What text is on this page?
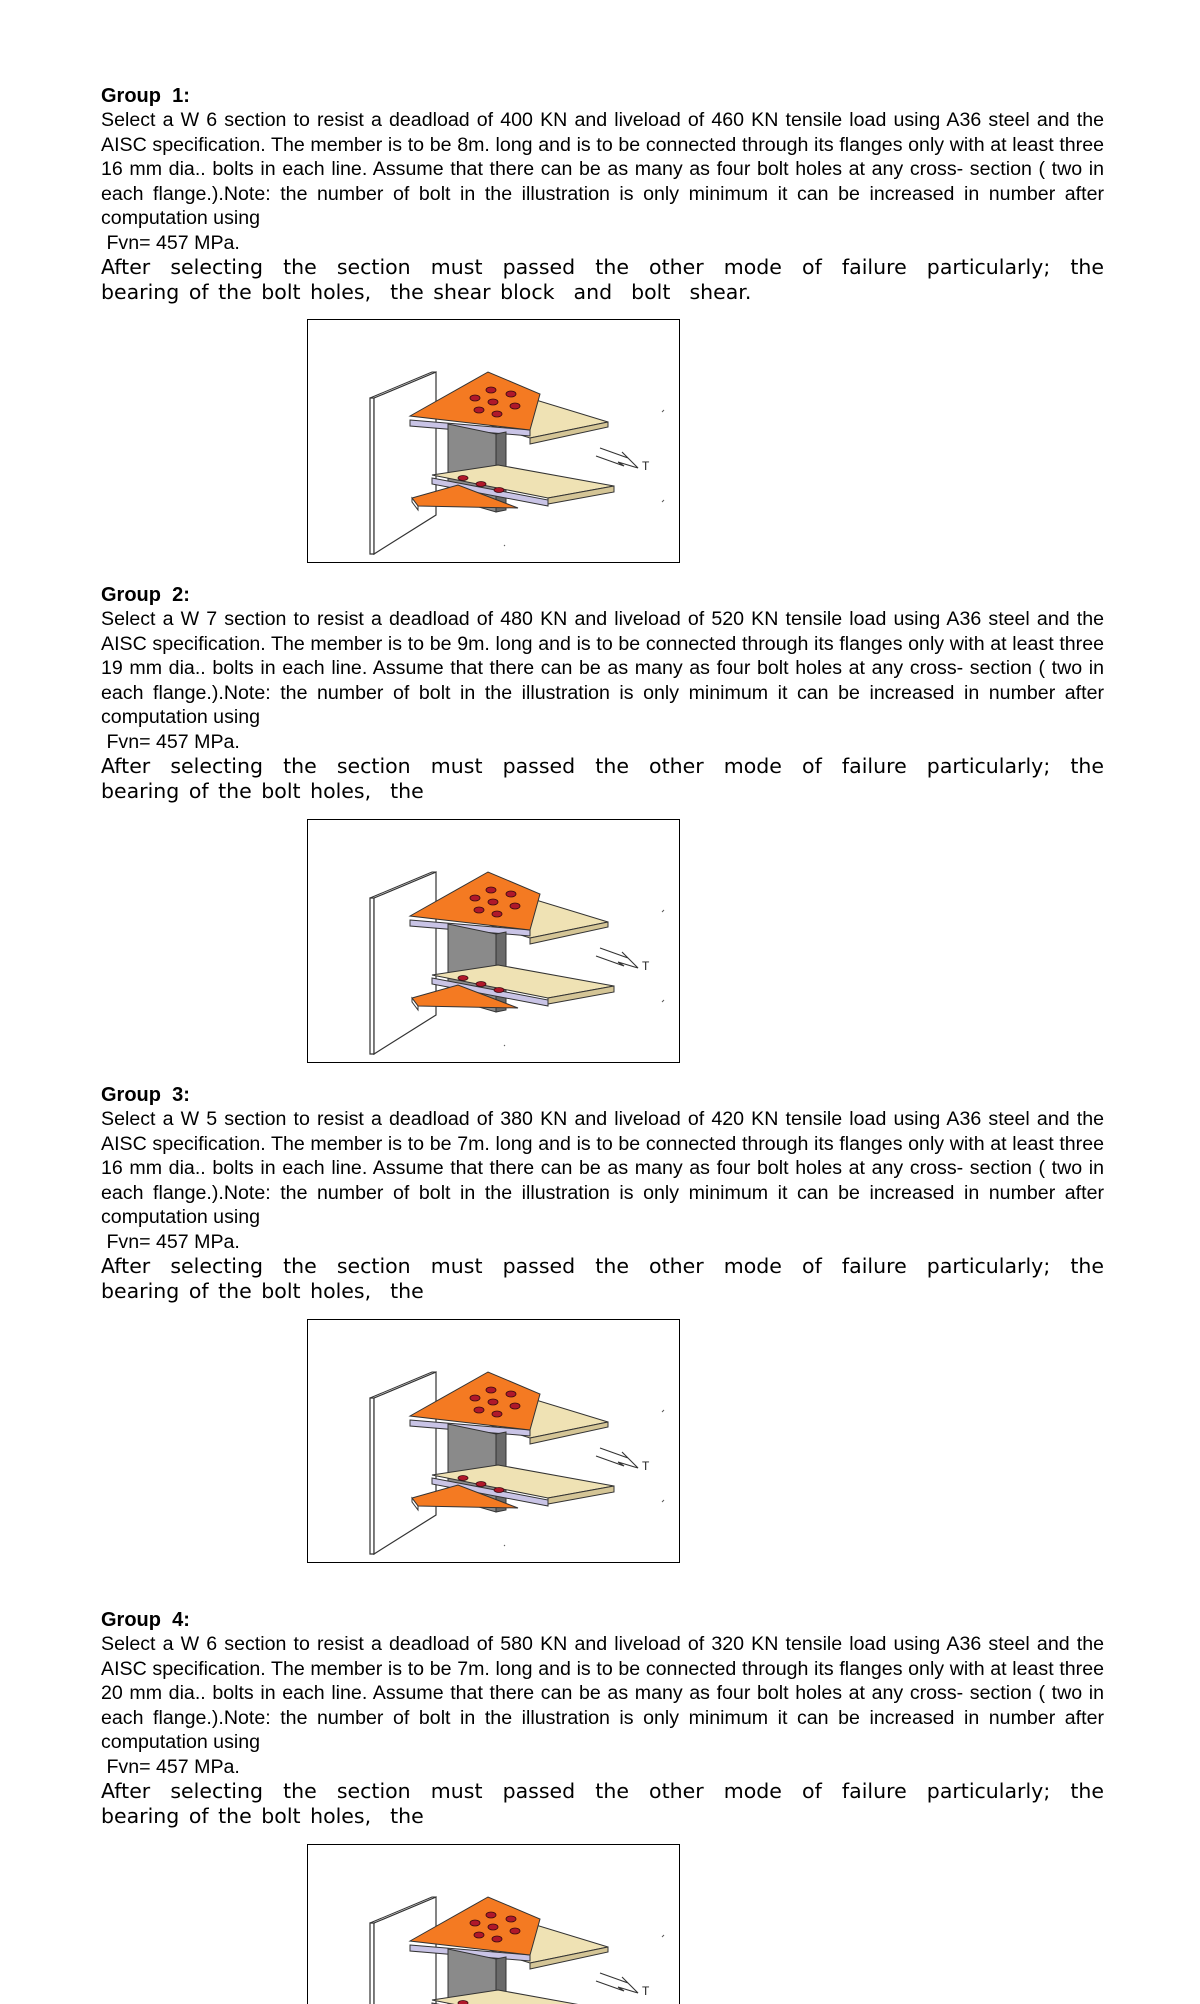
Group  1:

Select a W 6 section to resist a deadload of 400 KN and liveload of 460 KN tensile load using A36 steel and the AISC specification. The member is to be 8m. long and is to be connected through its flanges only with at least three 16 mm dia.. bolts in each line. Assume that there can be as many as four bolt holes at any cross- section ( two in each flange.).Note: the number of bolt in the illustration is only minimum it can be increased in number after computation using

Fvn= 457 MPa.

After selecting the section must passed the other mode of failure particularly; the

bearing of the bolt holes,  the shear block  and  bolt  shear.

T

Group  2:

Select a W 7 section to resist a deadload of 480 KN and liveload of 520 KN tensile load using A36 steel and the AISC specification. The member is to be 9m. long and is to be connected through its flanges only with at least three 19 mm dia.. bolts in each line. Assume that there can be as many as four bolt holes at any cross- section ( two in each flange.).Note: the number of bolt in the illustration is only minimum it can be increased in number after computation using

Fvn= 457 MPa.

After selecting the section must passed the other mode of failure particularly; the

bearing of the bolt holes,  the

T

Group  3:

Select a W 5 section to resist a deadload of 380 KN and liveload of 420 KN tensile load using A36 steel and the AISC specification. The member is to be 7m. long and is to be connected through its flanges only with at least three 16 mm dia.. bolts in each line. Assume that there can be as many as four bolt holes at any cross- section ( two in each flange.).Note: the number of bolt in the illustration is only minimum it can be increased in number after computation using

Fvn= 457 MPa.

After selecting the section must passed the other mode of failure particularly; the

bearing of the bolt holes,  the

T

Group  4:

Select a W 6 section to resist a deadload of 580 KN and liveload of 320 KN tensile load using A36 steel and the AISC specification. The member is to be 7m. long and is to be connected through its flanges only with at least three 20 mm dia.. bolts in each line. Assume that there can be as many as four bolt holes at any cross- section ( two in each flange.).Note: the number of bolt in the illustration is only minimum it can be increased in number after computation using

Fvn= 457 MPa.

After selecting the section must passed the other mode of failure particularly; the

bearing of the bolt holes,  the

T
